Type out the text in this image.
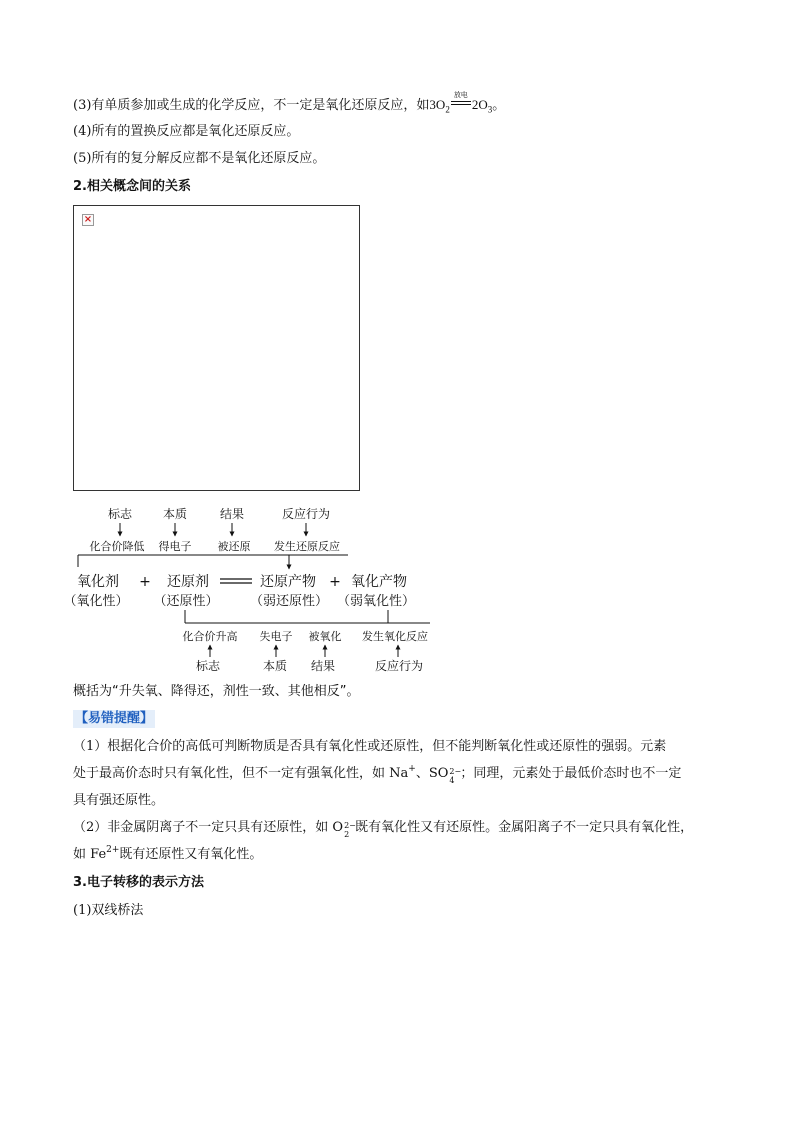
(3)有单质参加或生成的化学反应，不一定是氧化还原反应，如$3O_2$
放电
$2O_3$。
(4)所有的置换反应都是氧化还原反应。
(5)所有的复分解反应都不是氧化还原反应。
2.相关概念间的关系
×
标志	本质	结果	反应行为
化合价降低 得电子 被还原 发生还原反应
氧化剂 + 还原剂	还原产物 + 氧化产物
（氧化性） （还原性） （弱还原性） （弱氧化性）
化合价升高 失电子 被氧化 发生氧化反应
标志	本质 结果	反应行为
概括为“升失氧、降得还，剂性一致、其他相反”。
【易错提醒】
（1）根据化合价的高低可判断物质是否具有氧化性或还原性，但不能判断氧化性或还原性的强弱。元素
处于最高价态时只有氧化性，但不一定有强氧化性，如 Na+、SO 2−
4 ；同理，元素处于最低价态时也不一定
具有强还原性。
（2）非金属阴离子不一定只具有还原性，如 O 2−
2 既有氧化性又有还原性。金属阳离子不一定只具有氧化性，
如 $Fe^{2+}$既有还原性又有氧化性。
3.电子转移的表示方法
(1)双线桥法
